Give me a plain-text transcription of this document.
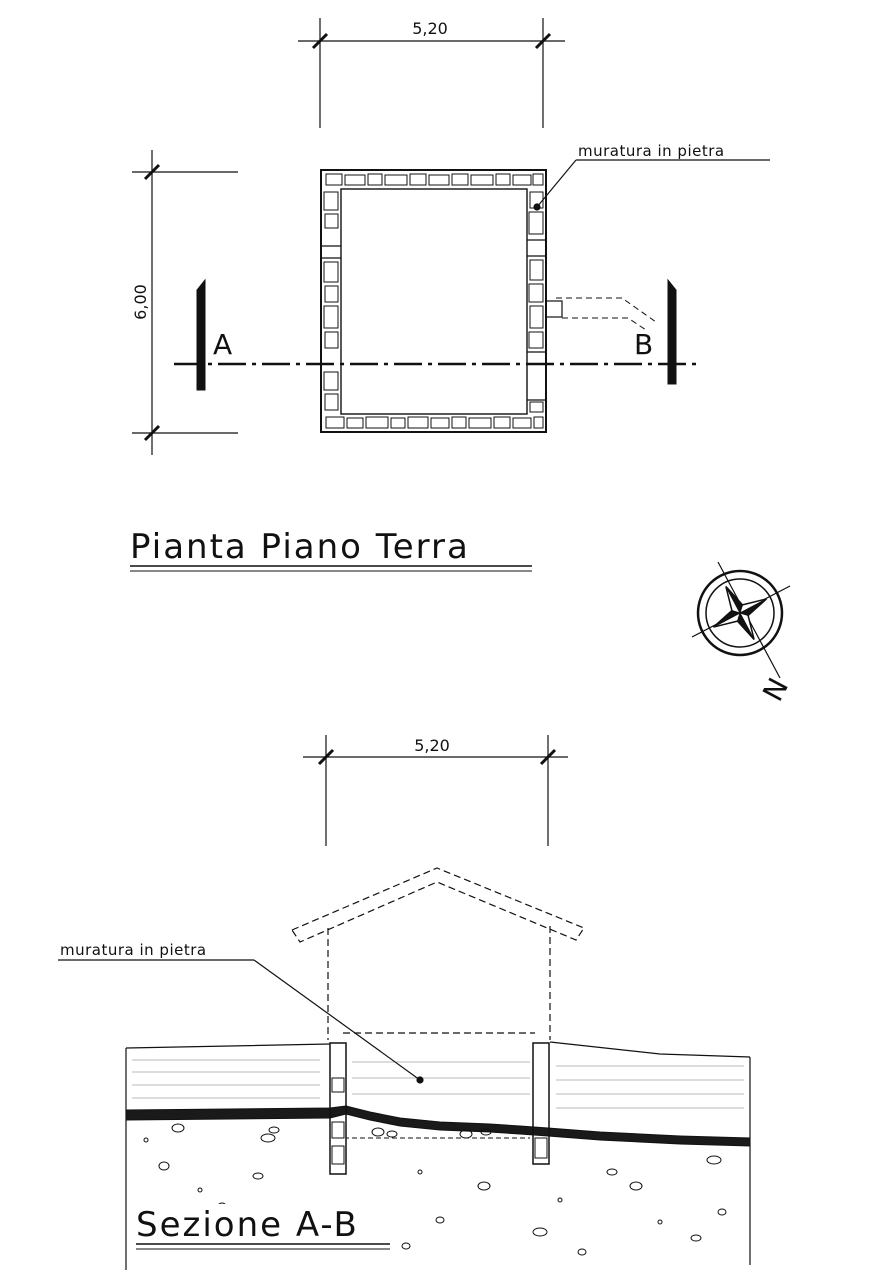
5,20
6,00
muratura in pietra
A	B
Pianta Piano Terra
N
5,20
muratura in pietra
Sezione A-B
